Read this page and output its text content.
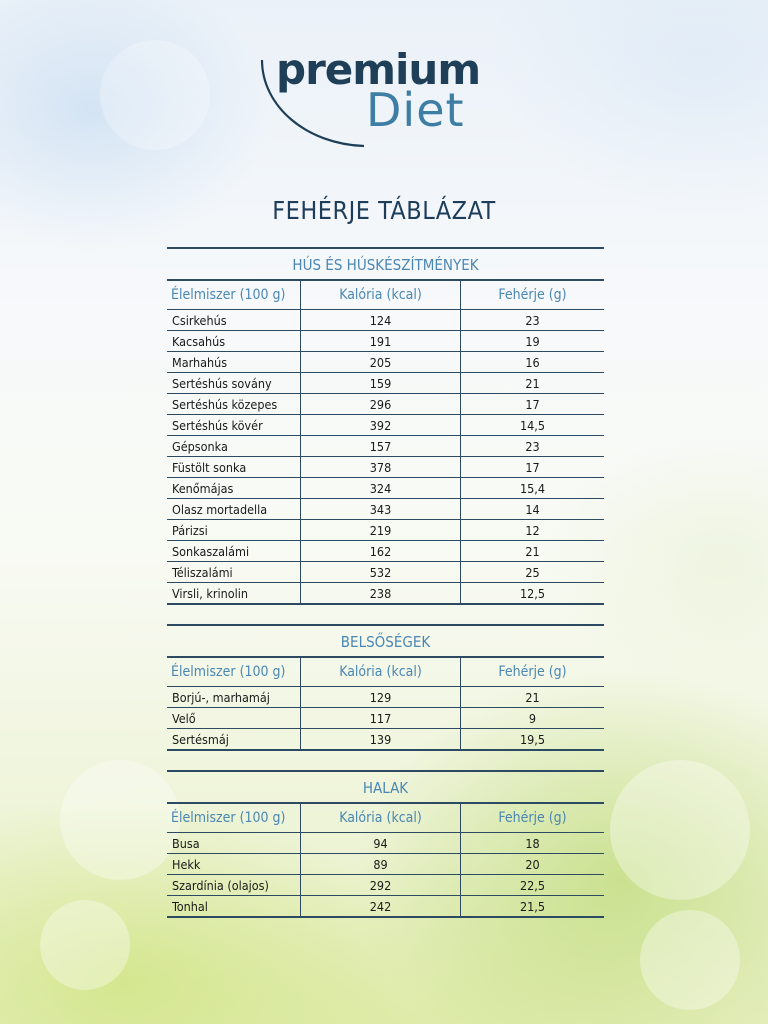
premium
Diet
FEHÉRJE TÁBLÁZAT
HÚS ÉS HÚSKÉSZÍTMÉNYEK
Élelmiszer (100 g)	Kalória (kcal)	Fehérje (g)
Csirkehús	124	23
Kacsahús	191	19
Marhahús	205	16
Sertéshús sovány	159	21
Sertéshús közepes	296	17
Sertéshús kövér	392	14,5
Gépsonka	157	23
Füstölt sonka	378	17
Kenőmájas	324	15,4
Olasz mortadella	343	14
Párizsi	219	12
Sonkaszalámi	162	21
Téliszalámi	532	25
Virsli, krinolin	238	12,5
BELSŐSÉGEK
Élelmiszer (100 g)	Kalória (kcal)	Fehérje (g)
Borjú-, marhamáj	129	21
Velő	117	9
Sertésmáj	139	19,5
HALAK
Élelmiszer (100 g)	Kalória (kcal)	Fehérje (g)
Busa	94	18
Hekk	89	20
Szardínia (olajos)	292	22,5
Tonhal	242	21,5
